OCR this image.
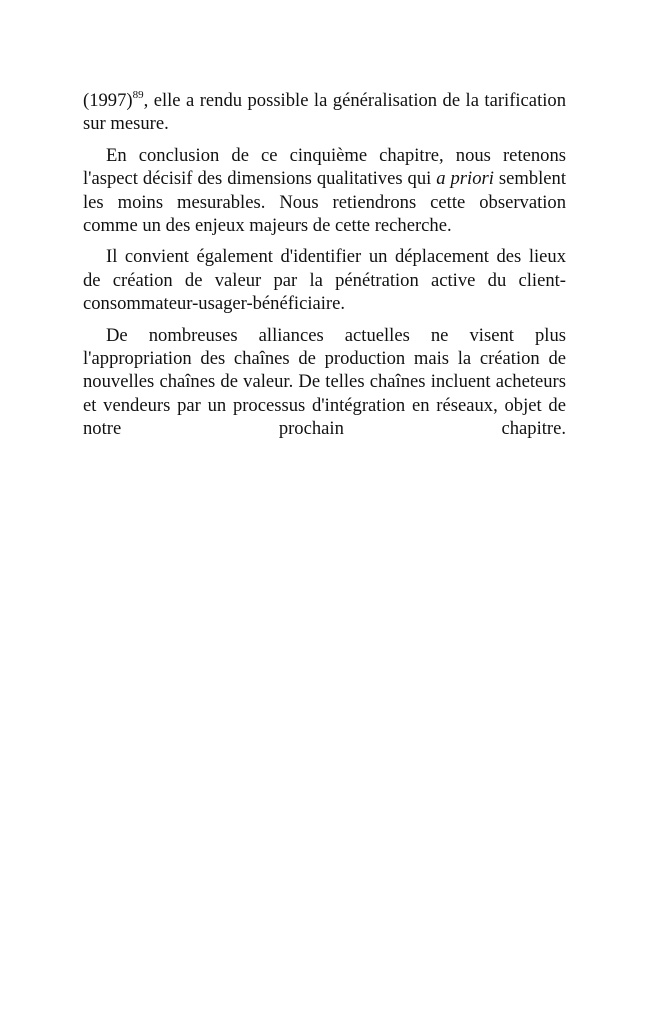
$(1997)^{89}$, elle a rendu possible la généralisation de la tarification sur mesure.

En conclusion de ce cinquième chapitre, nous retenons l'aspect décisif des dimensions qualitatives qui a priori semblent les moins mesurables. Nous retiendrons cette observation comme un des enjeux majeurs de cette recherche.

Il convient également d'identifier un déplacement des lieux de création de valeur par la pénétration active du client-consommateur-usager-bénéficiaire.

De nombreuses alliances actuelles ne visent plus l'appropriation des chaînes de production mais la création de nouvelles chaînes de valeur. De telles chaînes incluent acheteurs et vendeurs par un processus d'intégration en réseaux, objet de notre prochain chapitre.
